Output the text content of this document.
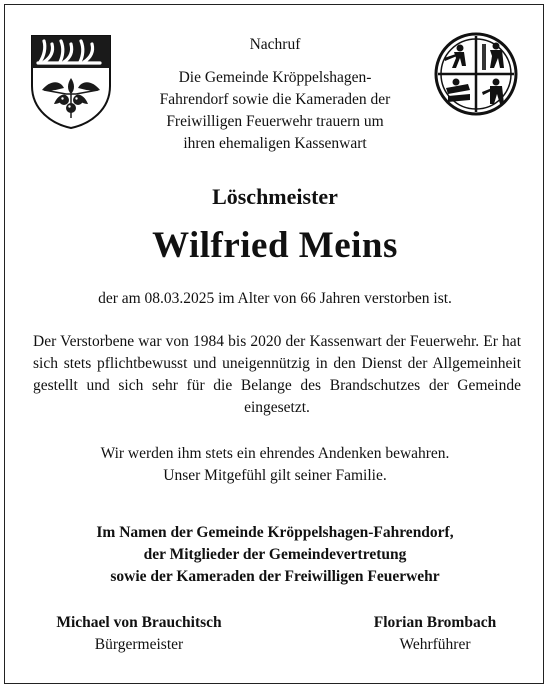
Nachruf
Die Gemeinde Kröppelshagen-
Fahrendorf sowie die Kameraden der
Freiwilligen Feuerwehr trauern um
ihren ehemaligen Kassenwart
Löschmeister
Wilfried Meins
der am 08.03.2025 im Alter von 66 Jahren verstorben ist.
Der Verstorbene war von 1984 bis 2020 der Kassenwart der Feuerwehr. Er hat sich stets pflichtbewusst und uneigennützig in den Dienst der Allgemeinheit gestellt und sich sehr für die Belange des Brandschutzes der Gemeinde eingesetzt.
Wir werden ihm stets ein ehrendes Andenken bewahren.
Unser Mitgefühl gilt seiner Familie.
Im Namen der Gemeinde Kröppelshagen-Fahrendorf,
der Mitglieder der Gemeindevertretung
sowie der Kameraden der Freiwilligen Feuerwehr
Michael von Brauchitsch
Bürgermeister
Florian Brombach
Wehrführer
